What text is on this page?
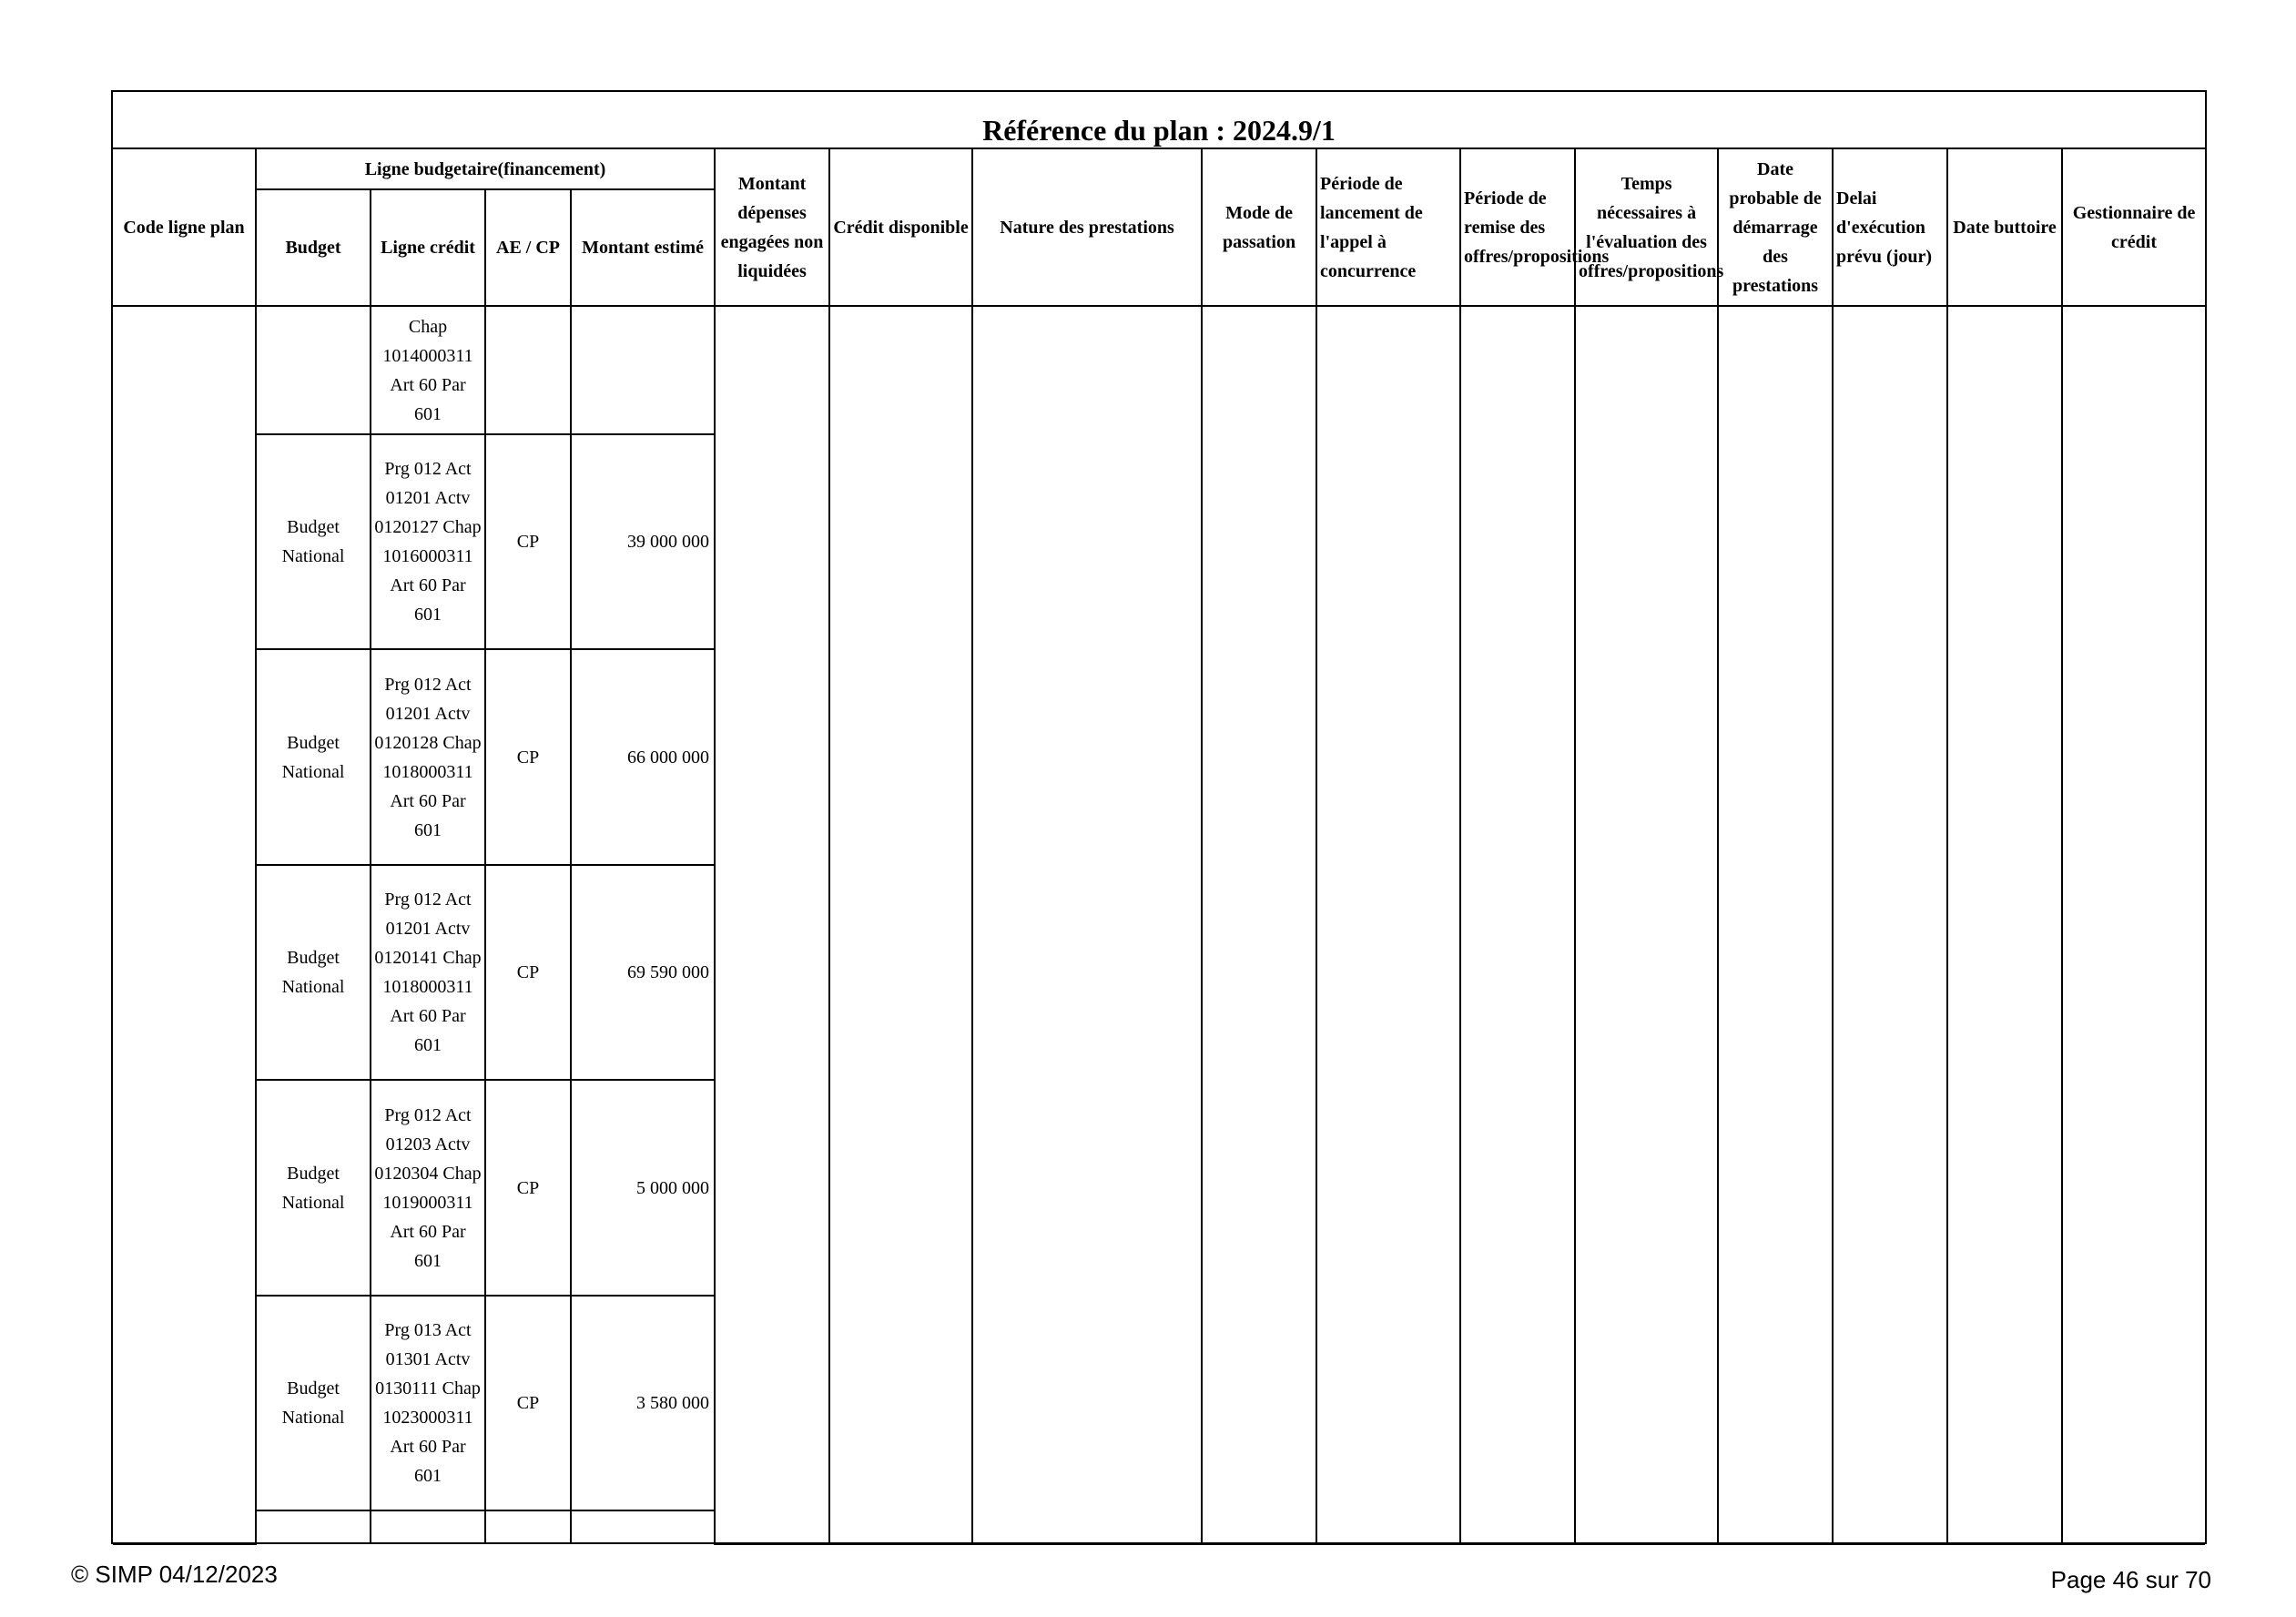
Référence du plan : 2024.9/1
Code ligne plan	Ligne budgetaire(financement)				Montant dépenses engagées non liquidées	Crédit disponible	Nature des prestations	Mode de passation	Période de lancement de l'appel à concurrence	Période de remise des offres/propositions	Temps nécessaires à l'évaluation des offres/propositions	Date probable de démarrage des prestations	Delai d'exécution prévu (jour)	Date buttoire	Gestionnaire de crédit
	Budget	Ligne crédit	AE / CP	Montant estimé											
		Chap 1014000311 Art 60 Par 601													
	Budget National	Prg 012 Act 01201 Actv 0120127 Chap 1016000311 Art 60 Par 601	CP	39 000 000											
	Budget National	Prg 012 Act 01201 Actv 0120128 Chap 1018000311 Art 60 Par 601	CP	66 000 000											
	Budget National	Prg 012 Act 01201 Actv 0120141 Chap 1018000311 Art 60 Par 601	CP	69 590 000											
	Budget National	Prg 012 Act 01203 Actv 0120304 Chap 1019000311 Art 60 Par 601	CP	5 000 000											
	Budget National	Prg 013 Act 01301 Actv 0130111 Chap 1023000311 Art 60 Par 601	CP	3 580 000											

© SIMP 04/12/2023	Page 46 sur 70
